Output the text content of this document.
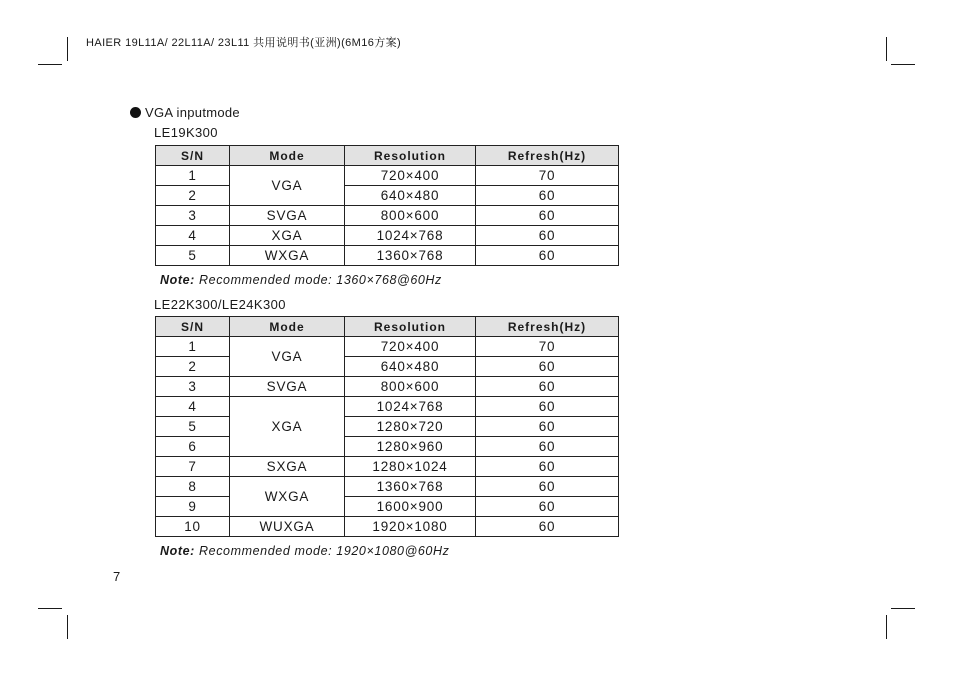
HAIER 19L11A/ 22L11A/ 23L11 共用说明书(亚洲)(6M16方案)
VGA inputmode
LE19K300
S/N	Mode	Resolution	Refresh(Hz)
1	VGA	720×400	70
2		640×480	60
3	SVGA	800×600	60
4	XGA	1024×768	60
5	WXGA	1360×768	60
Note: Recommended mode: 1360×768@60Hz
LE22K300/LE24K300
S/N	Mode	Resolution	Refresh(Hz)
1	VGA	720×400	70
2		640×480	60
3	SVGA	800×600	60
4	XGA	1024×768	60
5		1280×720	60
6		1280×960	60
7	SXGA	1280×1024	60
8	WXGA	1360×768	60
9		1600×900	60
10	WUXGA	1920×1080	60
Note: Recommended mode: 1920×1080@60Hz
7
